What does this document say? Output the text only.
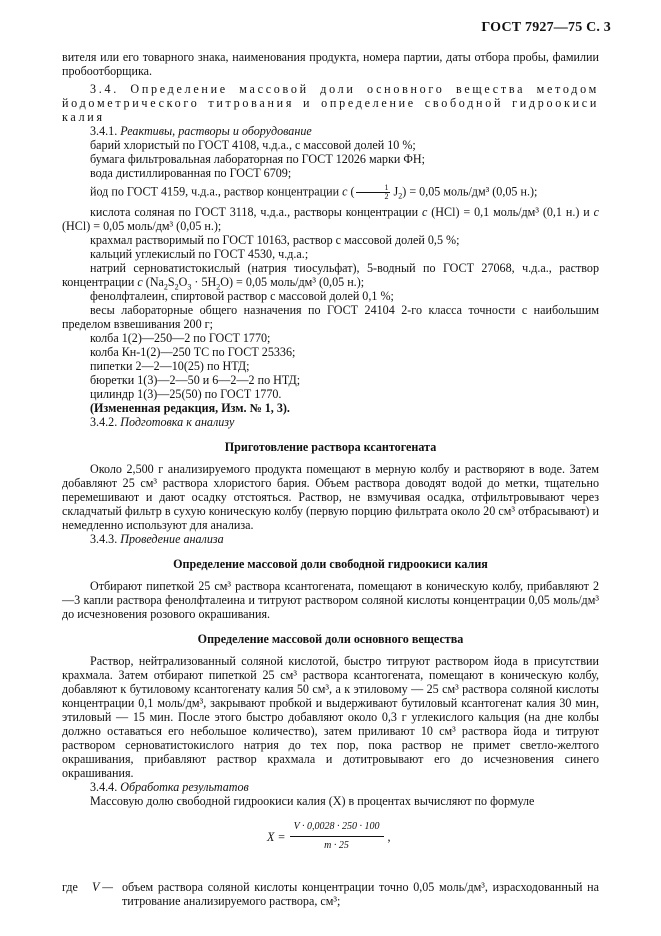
ГОСТ 7927—75 С. 3

вителя или его товарного знака, наименования продукта, номера партии, даты отбора пробы, фамилии пробоотборщика.

3.4. Определение массовой доли основного вещества методом йодометрического титрования и определение свободной гидроокиси калия

3.4.1. Реактивы, растворы и оборудование

барий хлористый по ГОСТ 4108, ч.д.а., с массовой долей 10 %;

бумага фильтровальная лабораторная по ГОСТ 12026 марки ФН;

вода дистиллированная по ГОСТ 6709;

йод по ГОСТ 4159, ч.д.а., раствор концентрации c ( $\frac{1}{2} J_2) = 0,05$ моль/дм³ (0,05 н.);

кислота соляная по ГОСТ 3118, ч.д.а., растворы концентрации c (HCl) = 0,1 моль/дм³ (0,1 н.) и c (HCl) = 0,05 моль/дм³ (0,05 н.);

крахмал растворимый по ГОСТ 10163, раствор с массовой долей 0,5 %;

кальций углекислый по ГОСТ 4530, ч.д.а.;

натрий серноватистокислый (натрия тиосульфат), 5-водный по ГОСТ 27068, ч.д.а., раствор концентрации c $(Na_2S_2O_3 \cdot 5H_2O) = 0,05$ моль/дм³ (0,05 н.);

фенолфталеин, спиртовой раствор с массовой долей 0,1 %;

весы лабораторные общего назначения по ГОСТ 24104 2-го класса точности с наибольшим пределом взвешивания 200 г;

колба 1(2)—250—2 по ГОСТ 1770;

колба Кн-1(2)—250 ТС по ГОСТ 25336;

пипетки 2—2—10(25) по НТД;

бюретки 1(3)—2—50 и 6—2—2 по НТД;

цилиндр 1(3)—25(50) по ГОСТ 1770.

(Измененная редакция, Изм. № 1, 3).

3.4.2. Подготовка к анализу

Приготовление раствора ксантогената

Около 2,500 г анализируемого продукта помещают в мерную колбу и растворяют в воде. Затем добавляют 25 см³ раствора хлористого бария. Объем раствора доводят водой до метки, тщательно перемешивают и дают осадку отстояться. Раствор, не взмучивая осадка, отфильтровывают через складчатый фильтр в сухую коническую колбу (первую порцию фильтрата около 20 см³ отбрасывают) и немедленно используют для анализа.

3.4.3. Проведение анализа

Определение массовой доли свободной гидроокиси калия

Отбирают пипеткой 25 см³ раствора ксантогената, помещают в коническую колбу, прибавляют 2—3 капли раствора фенолфталеина и титруют раствором соляной кислоты концентрации 0,05 моль/дм³ до исчезновения розового окрашивания.

Определение массовой доли основного вещества

Раствор, нейтрализованный соляной кислотой, быстро титруют раствором йода в присутствии крахмала. Затем отбирают пипеткой 25 см³ раствора ксантогената, помещают в коническую колбу, добавляют к бутиловому ксантогенату калия 50 см³, а к этиловому — 25 см³ раствора соляной кислоты концентрации 0,1 моль/дм³, закрывают пробкой и выдерживают бутиловый ксантогенат калия 30 мин, этиловый — 15 мин. После этого быстро добавляют около 0,3 г углекислого кальция (на дне колбы должно оставаться его небольшое количество), затем приливают 10 см³ раствора йода и титруют раствором серноватистокислого натрия до тех пор, пока раствор не примет светло-желтого окрашивания, прибавляют раствор крахмала и дотитровывают его до исчезновения синего окрашивания.

3.4.4. Обработка результатов

Массовую долю свободной гидроокиси калия (X) в процентах вычисляют по формуле

$X = \frac{V \cdot 0,0028 \cdot 250 \cdot 100}{m \cdot 25}$ ,
где	V — объем раствора соляной кислоты концентрации точно 0,05 моль/дм³, израсходованный на титрование анализируемого раствора, см³;
